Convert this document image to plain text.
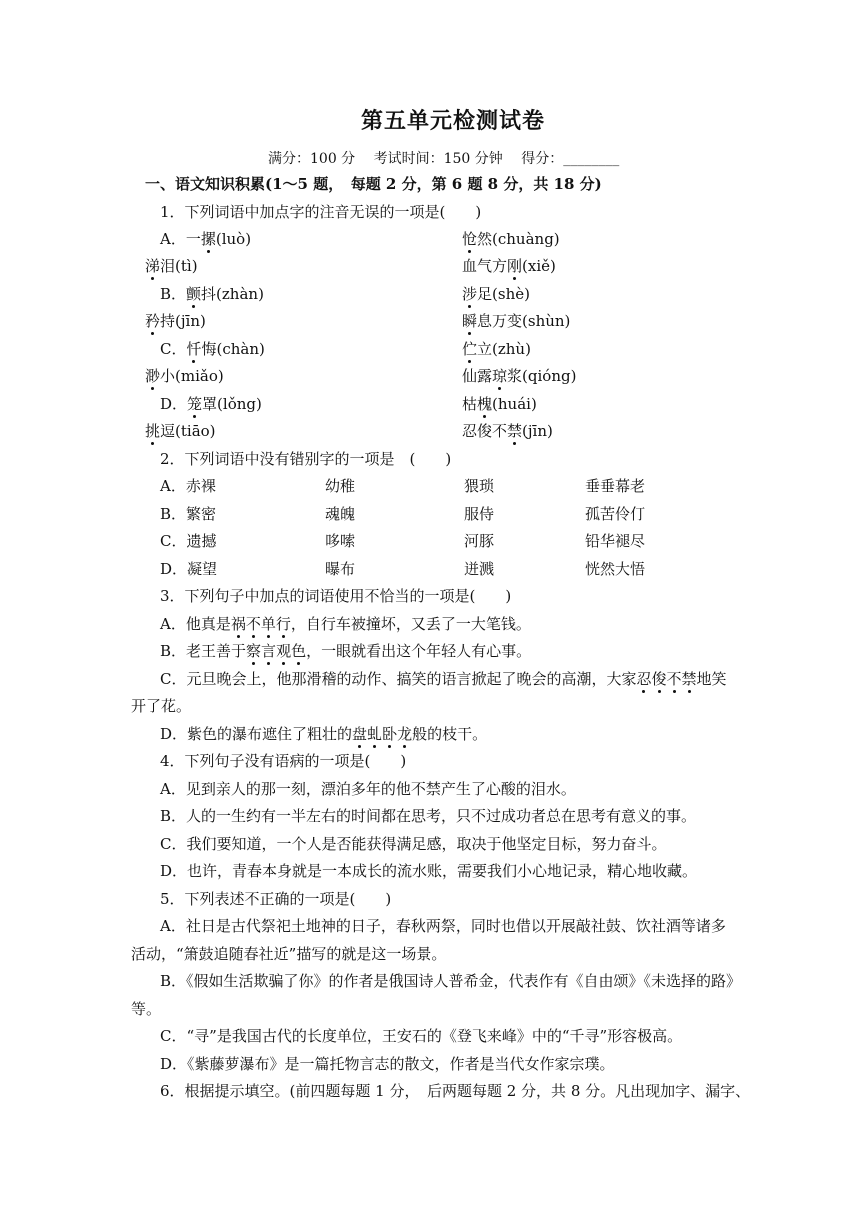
第五单元检测试卷
满分：100 分　 考试时间：150 分钟　 得分：________
一、语文知识积累(1～5 题，　每题 2 分，第 6 题 8 分，共 18 分)
1．下列词语中加点字的注音无误的一项是(　　)
A．一摞(luò)	怆然(chuàng)
涕泪(tì)	血气方刚(xiě)
B．颤抖(zhàn)	涉足(shè)
矜持(jīn)	瞬息万变(shùn)
C．忏悔(chàn)	伫立(zhù)
渺小(miǎo)	仙露琼浆(qióng)
D．笼罩(lǒng)	枯槐(huái)
挑逗(tiāo)	忍俊不禁(jīn)
2．下列词语中没有错别字的一项是　(　　)
A．赤裸	幼稚	猥琐	垂垂幕老
B．繁密	魂魄	服侍	孤苦伶仃
C．遗撼	哆嗦	河豚	铅华褪尽
D．凝望	曝布	迸溅	恍然大悟
3．下列句子中加点的词语使用不恰当的一项是(　　)
A．他真是祸不单行，自行车被撞坏，又丢了一大笔钱。
B．老王善于察言观色，一眼就看出这个年轻人有心事。
C．元旦晚会上，他那滑稽的动作、搞笑的语言掀起了晚会的高潮，大家忍俊不禁地笑
开了花。
D．紫色的瀑布遮住了粗壮的盘虬卧龙般的枝干。
4．下列句子没有语病的一项是(　　)
A．见到亲人的那一刻，漂泊多年的他不禁产生了心酸的泪水。
B．人的一生约有一半左右的时间都在思考，只不过成功者总在思考有意义的事。
C．我们要知道，一个人是否能获得满足感，取决于他坚定目标，努力奋斗。
D．也许，青春本身就是一本成长的流水账，需要我们小心地记录，精心地收藏。
5．下列表述不正确的一项是(　　)
A．社日是古代祭祀土地神的日子，春秋两祭，同时也借以开展敲社鼓、饮社酒等诸多
活动，“箫鼓追随春社近”描写的就是这一场景。
B．《假如生活欺骗了你》的作者是俄国诗人普希金，代表作有《自由颂》《未选择的路》
等。
C．“寻”是我国古代的长度单位，王安石的《登飞来峰》中的“千寻”形容极高。
D．《紫藤萝瀑布》是一篇托物言志的散文，作者是当代女作家宗璞。
6．根据提示填空。(前四题每题 1 分，　后两题每题 2 分，共 8 分。凡出现加字、漏字、
